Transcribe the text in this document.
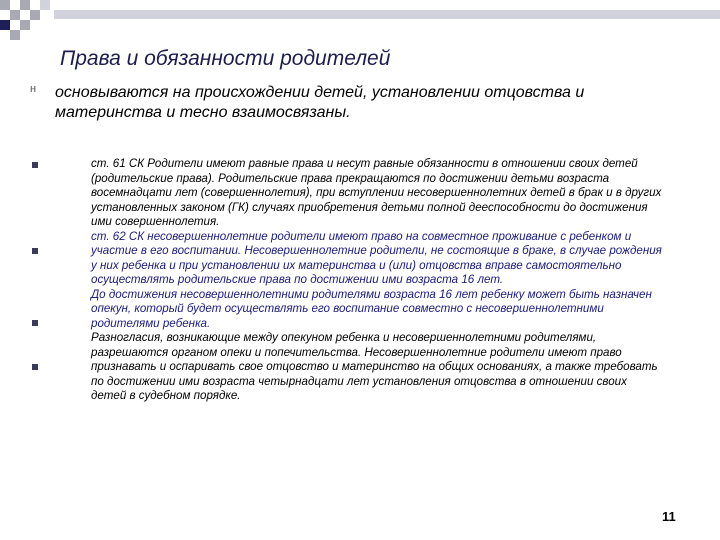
Права и обязанности родителей
н основываются на происхождении детей, установлении отцовства и материнства и тесно взаимосвязаны.

ст. 61 СК Родители имеют равные права и несут равные обязанности в отношении своих детей (родительские права). Родительские права прекращаются по достижении детьми возраста восемнадцати лет (совершеннолетия), при вступлении несовершеннолетних детей в брак и в других установленных законом (ГК) случаях приобретения детьми полной дееспособности до достижения ими совершеннолетия.

ст. 62 СК несовершеннолетние родители имеют право на совместное проживание с ребенком и участие в его воспитании. Несовершеннолетние родители, не состоящие в браке, в случае рождения у них ребенка и при установлении их материнства и (или) отцовства вправе самостоятельно осуществлять родительские права по достижении ими возраста 16 лет.

До достижения несовершеннолетними родителями возраста 16 лет ребенку может быть назначен опекун, который будет осуществлять его воспитание совместно с несовершеннолетними родителями ребенка.

Разногласия, возникающие между опекуном ребенка и несовершеннолетними родителями, разрешаются органом опеки и попечительства. Несовершеннолетние родители имеют право признавать и оспаривать свое отцовство и материнство на общих основаниях, а также требовать по достижении ими возраста четырнадцати лет установления отцовства в отношении своих детей в судебном порядке.

11
